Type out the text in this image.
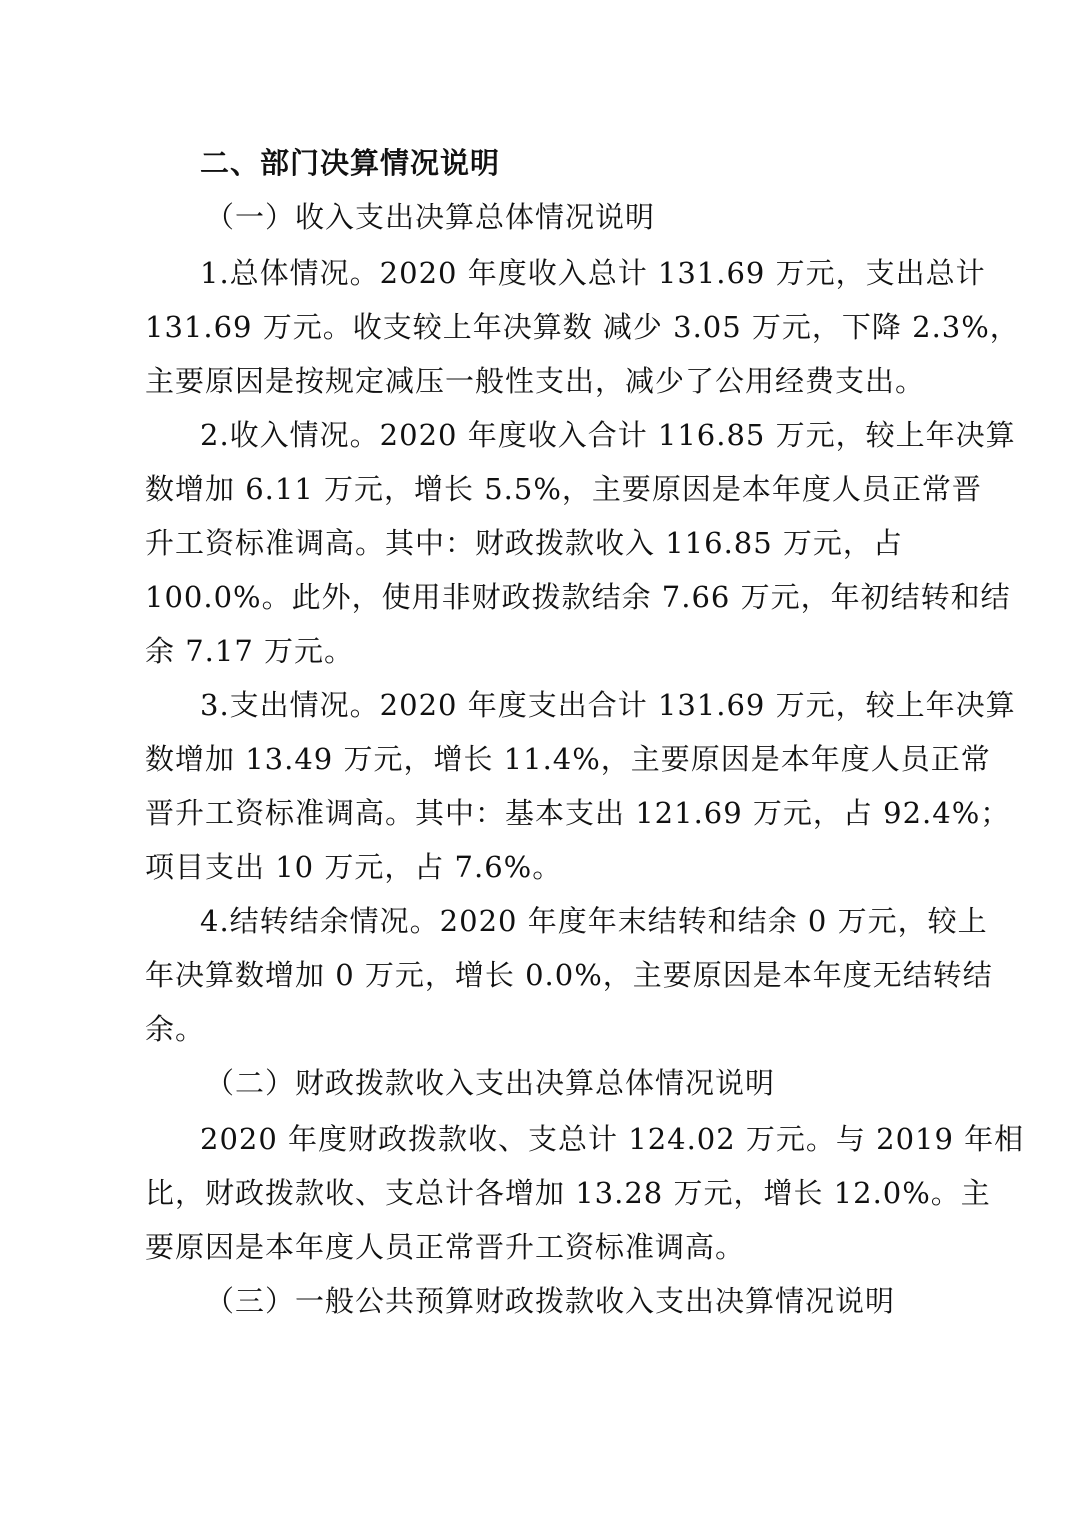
二、部门决算情况说明
（一）收入支出决算总体情况说明
1.总体情况。2020 年度收入总计 131.69 万元，支出总计
131.69 万元。收支较上年决算数 减少 3.05 万元，下降 2.3%，
主要原因是按规定减压一般性支出，减少了公用经费支出。
2.收入情况。2020 年度收入合计 116.85 万元，较上年决算
数增加 6.11 万元，增长 5.5%，主要原因是本年度人员正常晋
升工资标准调高。其中：财政拨款收入 116.85 万元，占
100.0%。此外，使用非财政拨款结余 7.66 万元，年初结转和结
余 7.17 万元。
3.支出情况。2020 年度支出合计 131.69 万元，较上年决算
数增加 13.49 万元，增长 11.4%，主要原因是本年度人员正常
晋升工资标准调高。其中：基本支出 121.69 万元，占 92.4%；
项目支出 10 万元，占 7.6%。
4.结转结余情况。2020 年度年末结转和结余 0 万元，较上
年决算数增加 0 万元，增长 0.0%，主要原因是本年度无结转结
余。
（二）财政拨款收入支出决算总体情况说明
2020 年度财政拨款收、支总计 124.02 万元。与 2019 年相
比，财政拨款收、支总计各增加 13.28 万元，增长 12.0%。主
要原因是本年度人员正常晋升工资标准调高。
（三）一般公共预算财政拨款收入支出决算情况说明
